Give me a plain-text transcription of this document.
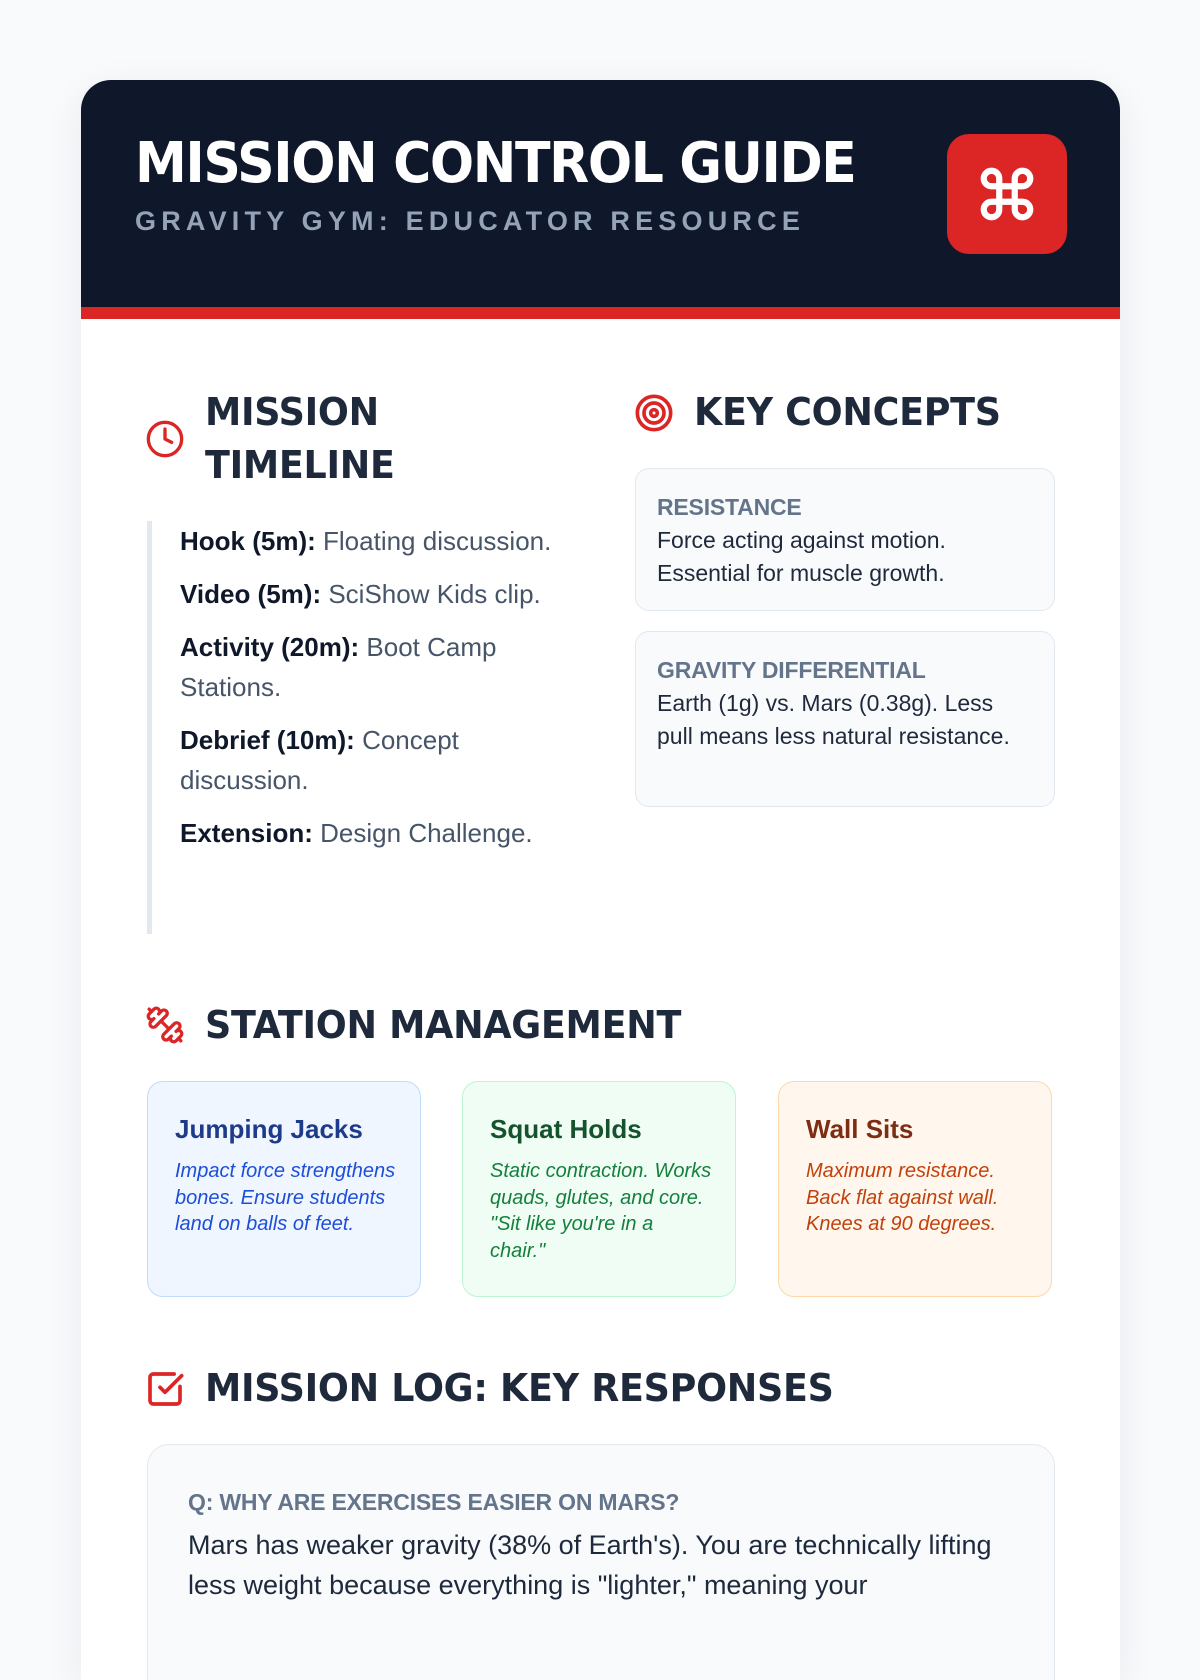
MISSION CONTROL GUIDE
GRAVITY GYM: EDUCATOR RESOURCE
MISSION
TIMELINE
Hook (5m): Floating discussion.
Video (5m): SciShow Kids clip.
Activity (20m): Boot Camp Stations.
Debrief (10m): Concept discussion.
Extension: Design Challenge.
KEY CONCEPTS
RESISTANCE
Force acting against motion. Essential for muscle growth.
GRAVITY DIFFERENTIAL
Earth (1g) vs. Mars (0.38g). Less pull means less natural resistance.
STATION MANAGEMENT
Jumping Jacks
Impact force strengthens bones. Ensure students land on balls of feet.
Squat Holds
Static contraction. Works quads, glutes, and core. "Sit like you're in a chair."
Wall Sits
Maximum resistance. Back flat against wall. Knees at 90 degrees.
MISSION LOG: KEY RESPONSES
Q: WHY ARE EXERCISES EASIER ON MARS?
Mars has weaker gravity (38% of Earth's). You are technically lifting less weight because everything is "lighter," meaning your
